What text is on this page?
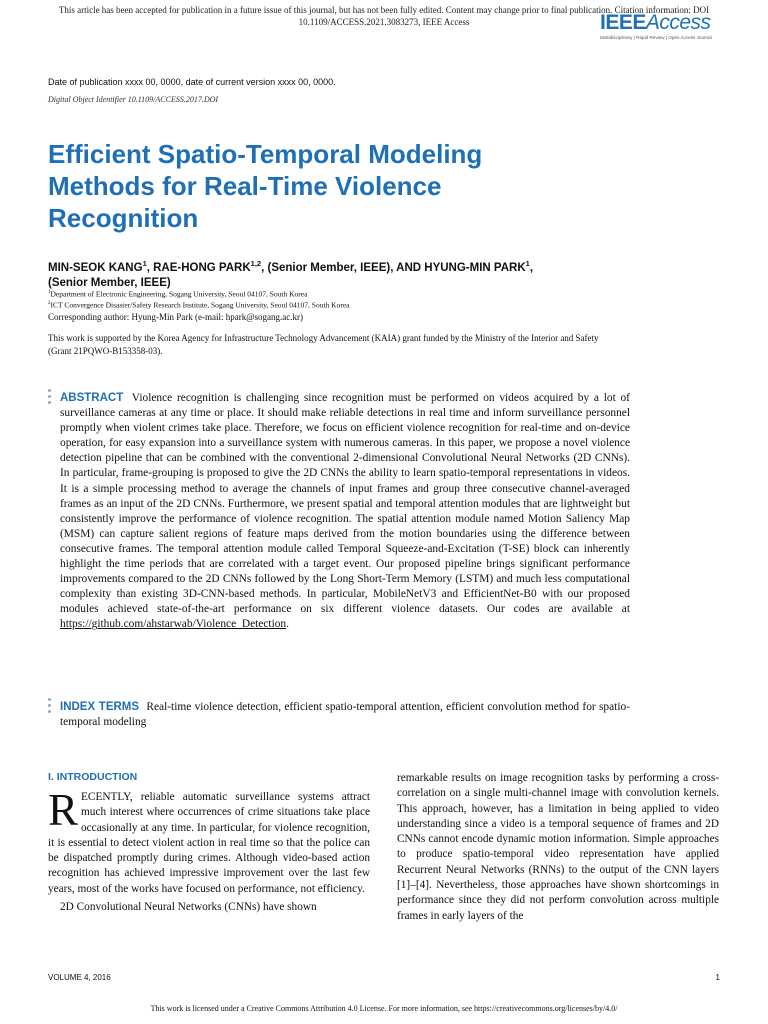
This article has been accepted for publication in a future issue of this journal, but has not been fully edited. Content may change prior to final publication. Citation information: DOI
10.1109/ACCESS.2021.3083273, IEEE Access	IEEEAccess
Multidisciplinary | Rapid Review | Open Access Journal
Date of publication xxxx 00, 0000, date of current version xxxx 00, 0000.
Digital Object Identifier 10.1109/ACCESS.2017.DOI
Efficient Spatio-Temporal Modeling
Methods for Real-Time Violence
Recognition
MIN-SEOK KANG$^1$, RAE-HONG PARK$^{1,2}$, (Senior Member, IEEE), AND HYUNG-MIN PARK$^1$,
(Senior Member, IEEE)
$^1$Department of Electronic Engineering, Sogang University, Seoul 04107, South Korea
$^2$ICT Convergence Disaster/Safety Research Institute, Sogang University, Seoul 04107, South Korea
Corresponding author: Hyung-Min Park (e-mail: hpark@sogang.ac.kr)
This work is supported by the Korea Agency for Infrastructure Technology Advancement (KAIA) grant funded by the Ministry of the Interior and Safety (Grant 21PQWO-B153358-03).
ABSTRACT Violence recognition is challenging since recognition must be performed on videos acquired by a lot of surveillance cameras at any time or place. It should make reliable detections in real time and inform surveillance personnel promptly when violent crimes take place. Therefore, we focus on efficient violence recognition for real-time and on-device operation, for easy expansion into a surveillance system with numerous cameras. In this paper, we propose a novel violence detection pipeline that can be combined with the conventional 2-dimensional Convolutional Neural Networks (2D CNNs). In particular, frame-grouping is proposed to give the 2D CNNs the ability to learn spatio-temporal representations in videos. It is a simple processing method to average the channels of input frames and group three consecutive channel-averaged frames as an input of the 2D CNNs. Furthermore, we present spatial and temporal attention modules that are lightweight but consistently improve the performance of violence recognition. The spatial attention module named Motion Saliency Map (MSM) can capture salient regions of feature maps derived from the motion boundaries using the difference between consecutive frames. The temporal attention module called Temporal Squeeze-and-Excitation (T-SE) block can inherently highlight the time periods that are correlated with a target event. Our proposed pipeline brings significant performance improvements compared to the 2D CNNs followed by the Long Short-Term Memory (LSTM) and much less computational complexity than existing 3D-CNN-based methods. In particular, MobileNetV3 and EfficientNet-B0 with our proposed modules achieved state-of-the-art performance on six different violence datasets. Our codes are available at https://github.com/ahstarwab/Violence_Detection.
INDEX TERMS Real-time violence detection, efficient spatio-temporal attention, efficient convolution method for spatio-temporal modeling
I. INTRODUCTION

RECENTLY, reliable automatic surveillance systems attract much interest where occurrences of crime situations take place occasionally at any time. In particular, for violence recognition, it is essential to detect violent action in real time so that the police can be dispatched promptly during crimes. Although video-based action recognition has achieved impressive improvement over the last few years, most of the works have focused on performance, not efficiency.

2D Convolutional Neural Networks (CNNs) have shown

remarkable results on image recognition tasks by performing a cross-correlation on a single multi-channel image with convolution kernels. This approach, however, has a limitation in being applied to video understanding since a video is a temporal sequence of frames and 2D CNNs cannot encode dynamic motion information. Simple approaches to produce spatio-temporal video representation have applied Recurrent Neural Networks (RNNs) to the output of the CNN layers [1]–[4]. Nevertheless, those approaches have shown shortcomings in performance since they did not perform convolution across multiple frames in early layers of the

VOLUME 4, 2016	1
This work is licensed under a Creative Commons Attribution 4.0 License. For more information, see https://creativecommons.org/licenses/by/4.0/
